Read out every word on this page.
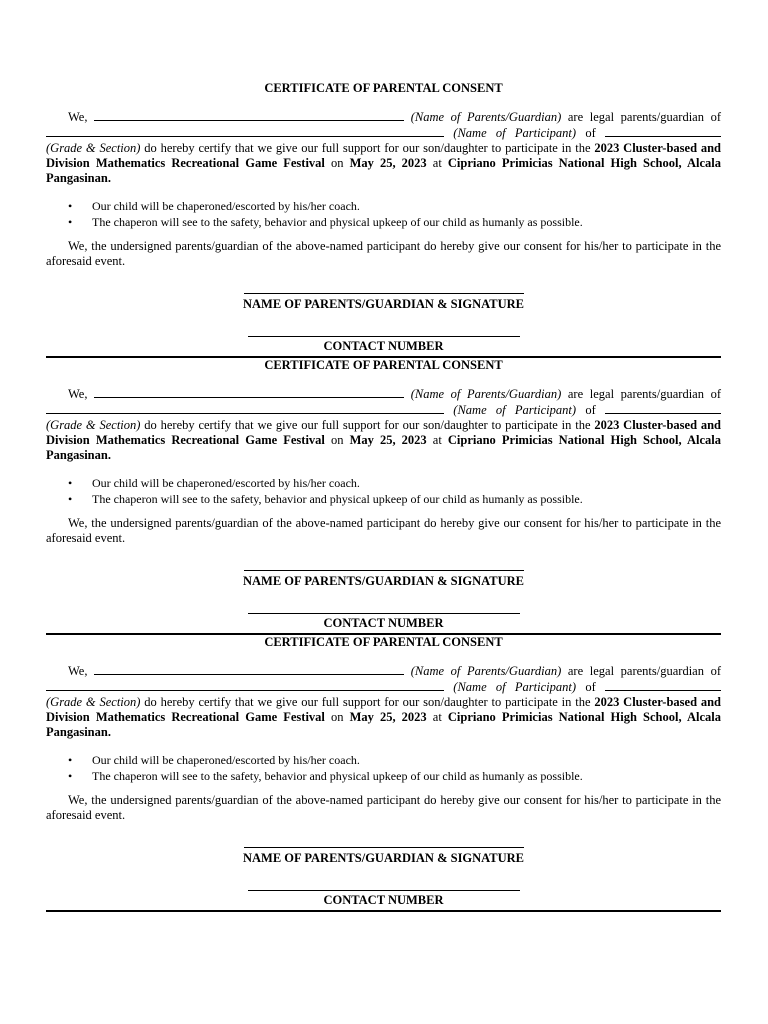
CERTIFICATE OF PARENTAL CONSENT
We,	(Name of Parents/Guardian) are legal parents/guardian of  (Name of Participant) of  (Grade & Section) do hereby certify that we give our full support for our son/daughter to participate in the 2023 Cluster-based and Division Mathematics Recreational Game Festival on May 25, 2023 at Cipriano Primicias National High School, Alcala Pangasinan.
• Our child will be chaperoned/escorted by his/her coach.
• The chaperon will see to the safety, behavior and physical upkeep of our child as humanly as possible.
We, the undersigned parents/guardian of the above-named participant do hereby give our consent for his/her to participate in the aforesaid event.
NAME OF PARENTS/GUARDIAN & SIGNATURE
CONTACT NUMBER
CERTIFICATE OF PARENTAL CONSENT
We,	(Name of Parents/Guardian) are legal parents/guardian of  (Name of Participant) of  (Grade & Section) do hereby certify that we give our full support for our son/daughter to participate in the 2023 Cluster-based and Division Mathematics Recreational Game Festival on May 25, 2023 at Cipriano Primicias National High School, Alcala Pangasinan.
• Our child will be chaperoned/escorted by his/her coach.
• The chaperon will see to the safety, behavior and physical upkeep of our child as humanly as possible.
We, the undersigned parents/guardian of the above-named participant do hereby give our consent for his/her to participate in the aforesaid event.
NAME OF PARENTS/GUARDIAN & SIGNATURE
CONTACT NUMBER
CERTIFICATE OF PARENTAL CONSENT
We,	(Name of Parents/Guardian) are legal parents/guardian of  (Name of Participant) of  (Grade & Section) do hereby certify that we give our full support for our son/daughter to participate in the 2023 Cluster-based and Division Mathematics Recreational Game Festival on May 25, 2023 at Cipriano Primicias National High School, Alcala Pangasinan.
• Our child will be chaperoned/escorted by his/her coach.
• The chaperon will see to the safety, behavior and physical upkeep of our child as humanly as possible.
We, the undersigned parents/guardian of the above-named participant do hereby give our consent for his/her to participate in the aforesaid event.
NAME OF PARENTS/GUARDIAN & SIGNATURE
CONTACT NUMBER
